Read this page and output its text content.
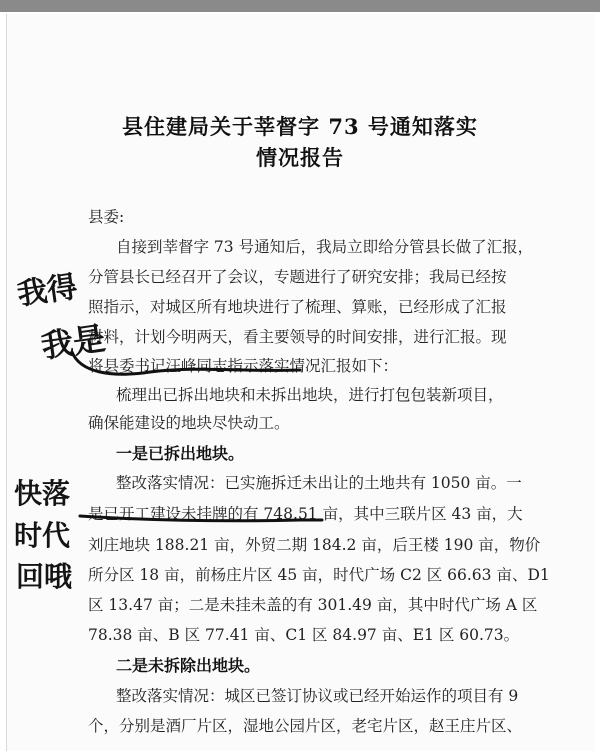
县住建局关于莘督字 73 号通知落实
情况报告
县委:
自接到莘督字 73 号通知后，我局立即给分管县长做了汇报，
分管县长已经召开了会议，专题进行了研究安排；我局已经按
照指示，对城区所有地块进行了梳理、算账，已经形成了汇报
材料，计划今明两天，看主要领导的时间安排，进行汇报。现
将县委书记汪峰同志指示落实情况汇报如下：
梳理出已拆出地块和未拆出地块，进行打包包装新项目，
确保能建设的地块尽快动工。
一是已拆出地块。
整改落实情况：已实施拆迁未出让的土地共有 1050 亩。一
是已开工建设未挂牌的有 748.51 亩，其中三联片区 43 亩，大
刘庄地块 188.21 亩，外贸二期 184.2 亩，后王楼 190 亩，物价
所分区 18 亩，前杨庄片区 45 亩，时代广场 C2 区 66.63 亩、D1
区 13.47 亩；二是未挂未盖的有 301.49 亩，其中时代广场 A 区
78.38 亩、B 区 77.41 亩、C1 区 84.97 亩、E1 区 60.73。
二是未拆除出地块。
整改落实情况：城区已签订协议或已经开始运作的项目有 9
个，分别是酒厂片区，湿地公园片区，老宅片区，赵王庄片区、
我得
我是
快落
时代
回哦
